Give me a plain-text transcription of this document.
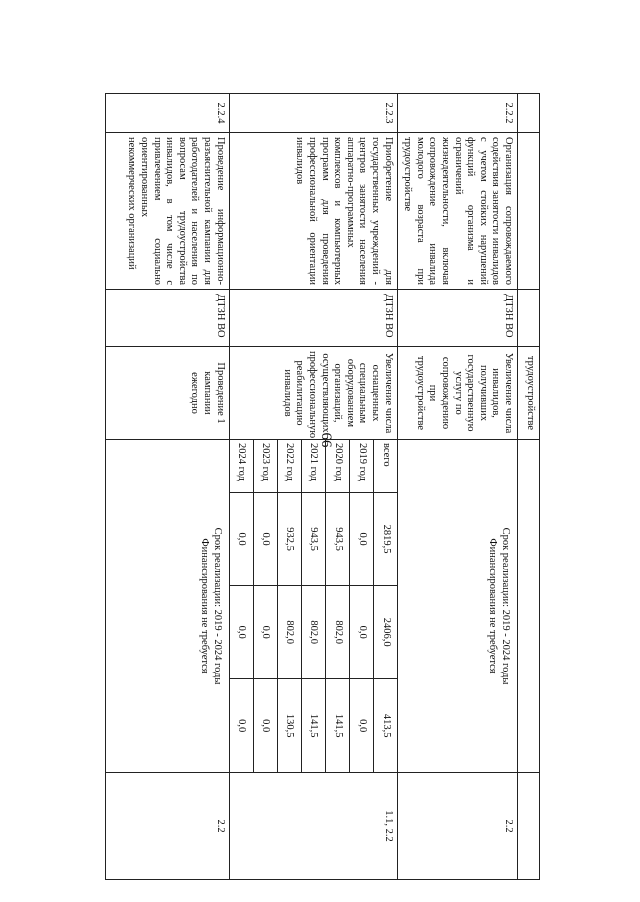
66
			трудоустройстве		
2.2.2	Организация сопровождаемого содействия занятости инвалидов с учетом стойких нарушений функций организма и ограничений жизнедеятельности, включая сопровождение инвалида молодого возраста при трудоустройстве	ДТЗН ВО	Увеличение числа инвалидов, получивших государственную услугу по сопровождению при трудоустройстве	
Срок реализации: 2019 - 2024 годы
Финансирования не требуется
	2.2
2.2.3	Приобретение для государственных учреждений - центров занятости населения аппаратно-программных комплексов и компьютерных программ для проведения профессиональной ориентации инвалидов	ДТЗН ВО	Увеличение числа оснащенных специальным оборудованием организаций, осуществляющих профессиональную реабилитацию инвалидов	
всего	2819,5	2406,0	413,5
2019 год	0,0	0,0	0,0
2020 год	943,5	802,0	141,5
2021 год	943,5	802,0	141,5
2022 год	932,5	802,0	130,5
2023 год	0,0	0,0	0,0
2024 год	0,0	0,0	0,0
	1.1, 2.2
2.2.4	Проведение информационно-разъяснительной кампании для работодателей и населения по вопросам трудоустройства инвалидов, в том числе с привлечением социально ориентированных некоммерческих организаций	ДТЗН ВО	Проведение 1 кампании ежегодно	
Срок реализации: 2019 - 2024 годы
Финансирования не требуется
	2.2
